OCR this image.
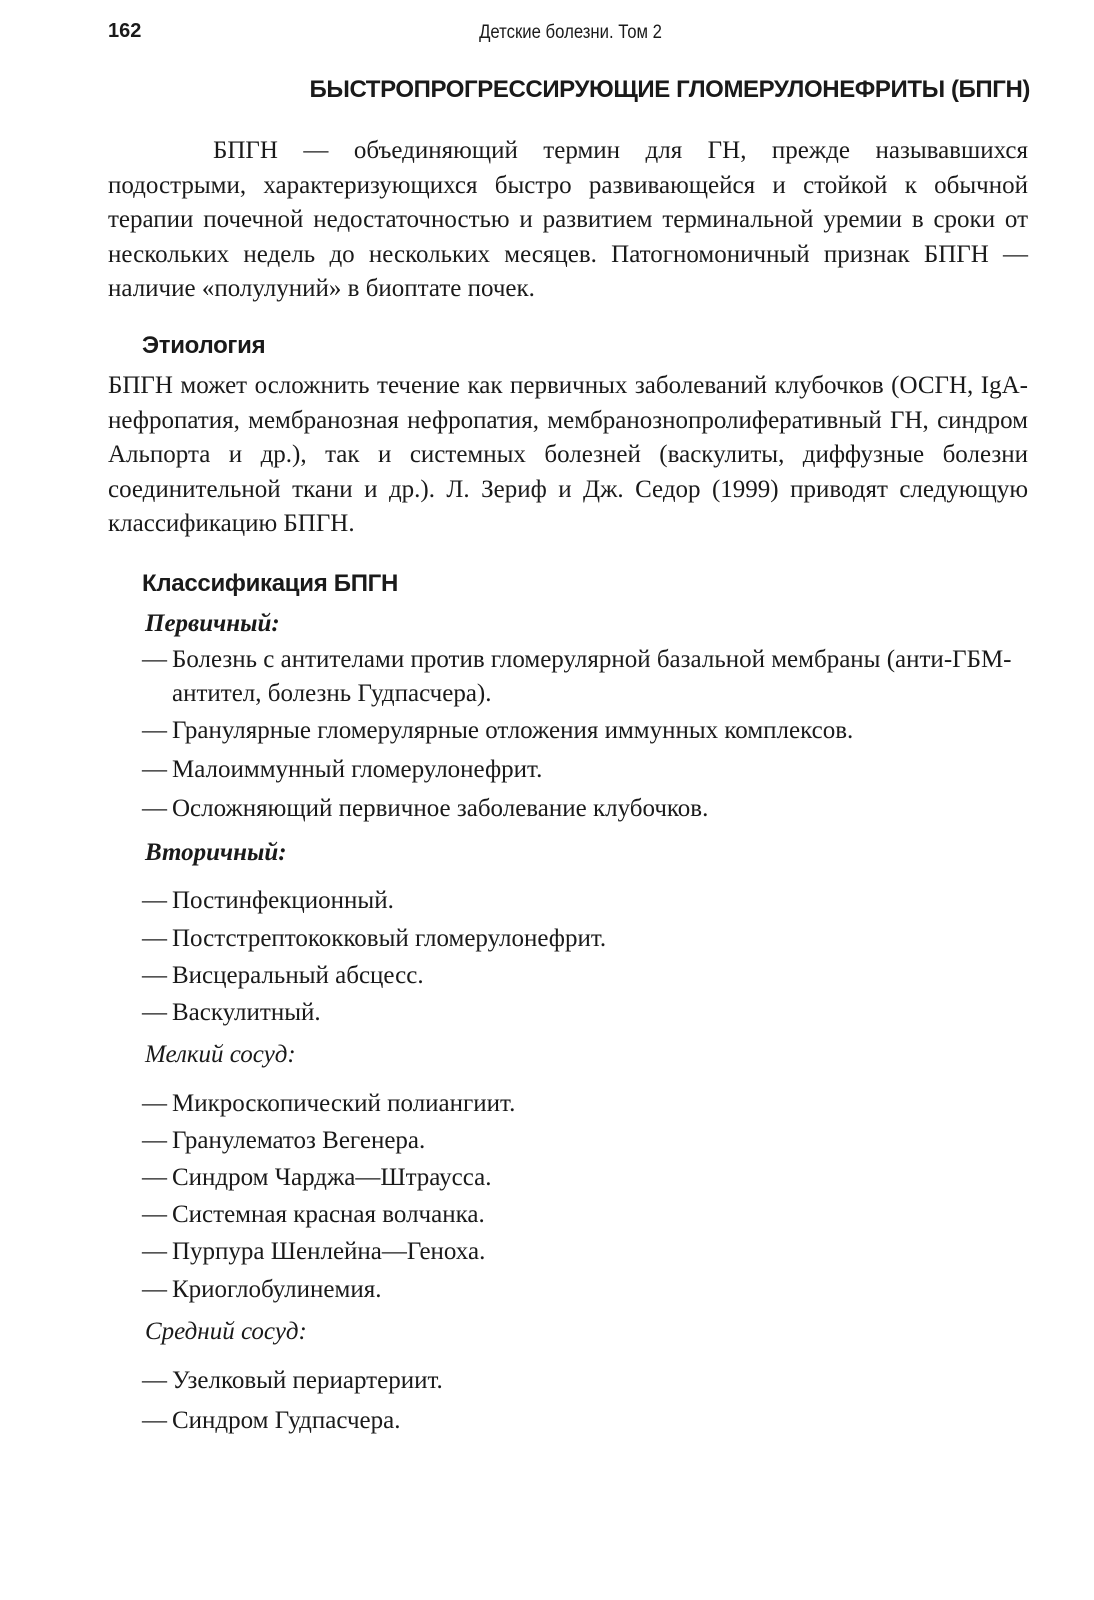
162	Детские болезни. Том 2
БЫСТРОПРОГРЕССИРУЮЩИЕ ГЛОМЕРУЛОНЕФРИТЫ (БПГН)

БПГН — объединяющий термин для ГН, прежде называвшихся подострыми, характеризующихся быстро развивающейся и стойкой к обычной терапии почечной недостаточностью и развитием терминальной уремии в сроки от нескольких недель до нескольких месяцев. Патогномоничный признак БПГН — наличие «полулуний» в биоптате почек.

Этиология

БПГН может осложнить течение как первичных заболеваний клубочков (ОСГН, IgA-нефропатия, мембранозная нефропатия, мембранознопролиферативный ГН, синдром Альпорта и др.), так и системных болезней (васкулиты, диффузные болезни соединительной ткани и др.). Л. Зериф и Дж. Седор (1999) приводят следующую классификацию БПГН.

Классификация БПГН
Первичный:
— Болезнь с антителами против гломерулярной базальной мембраны (анти-ГБМ-антител, болезнь Гудпасчера).
— Гранулярные гломерулярные отложения иммунных комплексов.
— Малоиммунный гломерулонефрит.
— Осложняющий первичное заболевание клубочков.
Вторичный:
— Постинфекционный.
— Постстрептококковый гломерулонефрит.
— Висцеральный абсцесс.
— Васкулитный.
Мелкий сосуд:
— Микроскопический полиангиит.
— Гранулематоз Вегенера.
— Синдром Чарджа—Штраусса.
— Системная красная волчанка.
— Пурпура Шенлейна—Геноха.
— Криоглобулинемия.
Средний сосуд:
— Узелковый периартериит.
— Синдром Гудпасчера.
